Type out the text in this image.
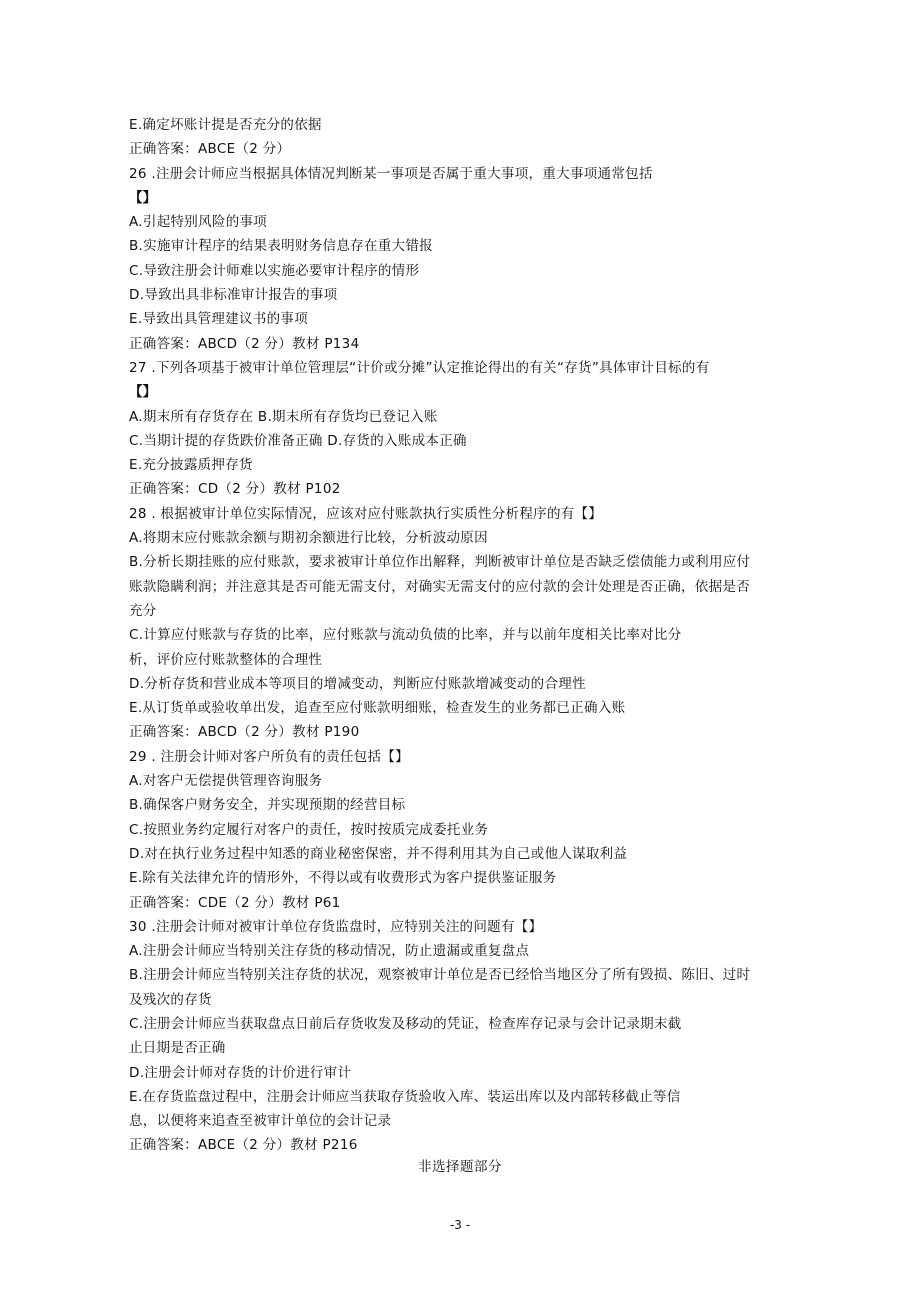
E.确定坏账计提是否充分的依据
正确答案：ABCE（2 分）
26 .注册会计师应当根据具体情况判断某一事项是否属于重大事项，重大事项通常包括
【】
A.引起特别风险的事项
B.实施审计程序的结果表明财务信息存在重大错报
C.导致注册会计师难以实施必要审计程序的情形
D.导致出具非标准审计报告的事项
E.导致出具管理建议书的事项
正确答案：ABCD（2 分）教材 P134
27 .下列各项基于被审计单位管理层“计价或分摊”认定推论得出的有关“存货”具体审计目标的有
【】
A.期末所有存货存在 B.期末所有存货均已登记入账
C.当期计提的存货跌价准备正确 D.存货的入账成本正确
E.充分披露质押存货
正确答案：CD（2 分）教材 P102
28 . 根据被审计单位实际情况，应该对应付账款执行实质性分析程序的有【】
A.将期末应付账款余额与期初余额进行比较，分析波动原因
B.分析长期挂账的应付账款，要求被审计单位作出解释，判断被审计单位是否缺乏偿债能力或利用应付
账款隐瞒利润；并注意其是否可能无需支付，对确实无需支付的应付款的会计处理是否正确，依据是否
充分
C.计算应付账款与存货的比率，应付账款与流动负债的比率，并与以前年度相关比率对比分
析，评价应付账款整体的合理性
D.分析存货和营业成本等项目的增减变动，判断应付账款增减变动的合理性
E.从订货单或验收单出发，追查至应付账款明细账，检查发生的业务都已正确入账
正确答案：ABCD（2 分）教材 P190
29 . 注册会计师对客户所负有的责任包括【】
A.对客户无偿提供管理咨询服务
B.确保客户财务安全，并实现预期的经营目标
C.按照业务约定履行对客户的责任，按时按质完成委托业务
D.对在执行业务过程中知悉的商业秘密保密，并不得利用其为自己或他人谋取利益
E.除有关法律允许的情形外，不得以或有收费形式为客户提供鉴证服务
正确答案：CDE（2 分）教材 P61
30 .注册会计师对被审计单位存货监盘时，应特别关注的问题有【】
A.注册会计师应当特别关注存货的移动情况，防止遗漏或重复盘点
B.注册会计师应当特别关注存货的状况，观察被审计单位是否已经恰当地区分了所有毁损、陈旧、过时
及残次的存货
C.注册会计师应当获取盘点日前后存货收发及移动的凭证，检查库存记录与会计记录期末截
止日期是否正确
D.注册会计师对存货的计价进行审计
E.在存货监盘过程中，注册会计师应当获取存货验收入库、装运出库以及内部转移截止等信
息，以便将来追查至被审计单位的会计记录
正确答案：ABCE（2 分）教材 P216
非选择题部分
-3 -
